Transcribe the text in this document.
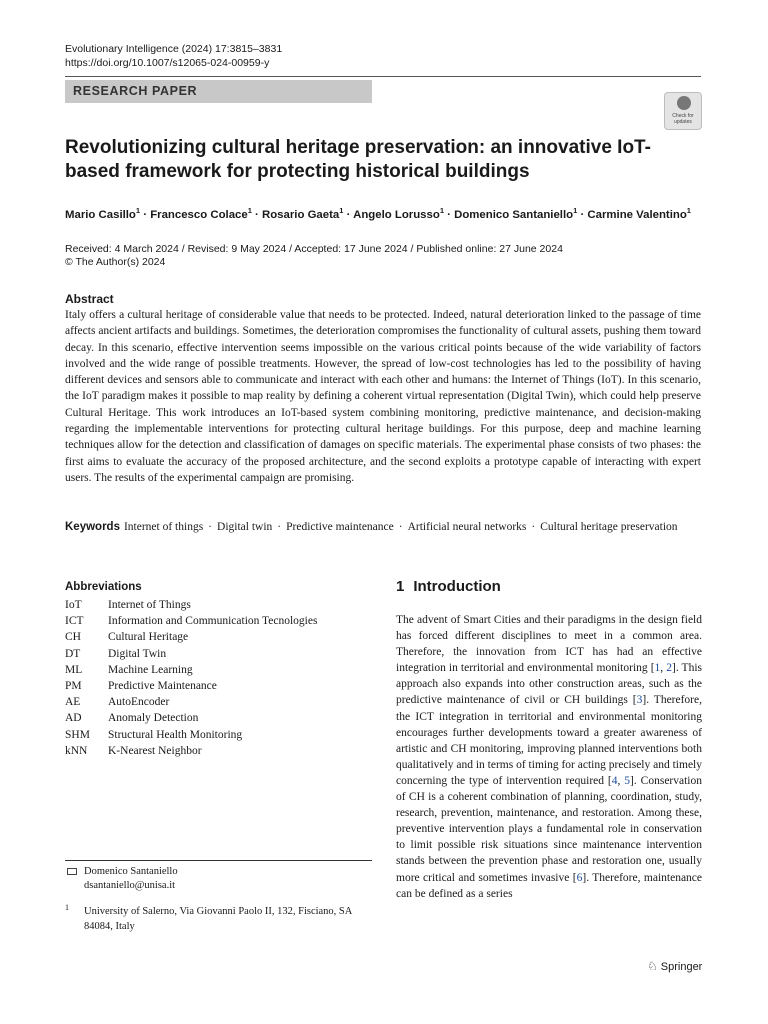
Evolutionary Intelligence (2024) 17:3815–3831
https://doi.org/10.1007/s12065-024-00959-y
RESEARCH PAPER
Check for updates
Revolutionizing cultural heritage preservation: an innovative IoT-based framework for protecting historical buildings
Mario Casillo$^1$ · Francesco Colace$^1$ · Rosario Gaeta$^1$ · Angelo Lorusso$^1$ · Domenico Santaniello$^1$ · Carmine Valentino$^1$
Received: 4 March 2024 / Revised: 9 May 2024 / Accepted: 17 June 2024 / Published online: 27 June 2024
© The Author(s) 2024
Abstract
Italy offers a cultural heritage of considerable value that needs to be protected. Indeed, natural deterioration linked to the passage of time affects ancient artifacts and buildings. Sometimes, the deterioration compromises the functionality of cultural assets, pushing them toward decay. In this scenario, effective intervention seems impossible on the various critical points because of the wide variability of factors involved and the wide range of possible treatments. However, the spread of low-cost technologies has led to the possibility of having different devices and sensors able to communicate and interact with each other and humans: the Internet of Things (IoT). In this scenario, the IoT paradigm makes it possible to map reality by defining a coherent virtual representation (Digital Twin), which could help preserve Cultural Heritage. This work introduces an IoT-based system combining monitoring, predictive maintenance, and decision-making regarding the implementable interventions for protecting cultural heritage buildings. For this purpose, deep and machine learning techniques allow for the detection and classification of damages on specific materials. The experimental phase consists of two phases: the first aims to evaluate the accuracy of the proposed architecture, and the second exploits a prototype capable of interacting with expert users. The results of the experimental campaign are promising.
Keywords Internet of things · Digital twin · Predictive maintenance · Artificial neural networks · Cultural heritage preservation
Abbreviations
IoT	Internet of Things
ICT	Information and Communication Tecnologies
CH	Cultural Heritage
DT	Digital Twin
ML	Machine Learning
PM	Predictive Maintenance
AE	AutoEncoder
AD	Anomaly Detection
SHM	Structural Health Monitoring
kNN	K-Nearest Neighbor
Domenico Santaniello
dsantaniello@unisa.it
1 University of Salerno, Via Giovanni Paolo II, 132, Fisciano, SA 84084, Italy
1 Introduction
The advent of Smart Cities and their paradigms in the design field has forced different disciplines to meet in a common area. Therefore, the innovation from ICT has had an effective integration in territorial and environmental monitoring [1, 2]. This approach also expands into other construction areas, such as the predictive maintenance of civil or CH buildings [3]. Therefore, the ICT integration in territorial and environmental monitoring encourages further developments toward a greater awareness of artistic and CH monitoring, improving planned interventions both qualitatively and in terms of timing for acting precisely and timely concerning the type of intervention required [4, 5]. Conservation of CH is a coherent combination of planning, coordination, study, research, prevention, maintenance, and restoration. Among these, preventive intervention plays a fundamental role in conservation to limit possible risk situations since maintenance intervention stands between the prevention phase and restoration one, usually more critical and sometimes invasive [6]. Therefore, maintenance can be defined as a series
♘ Springer
